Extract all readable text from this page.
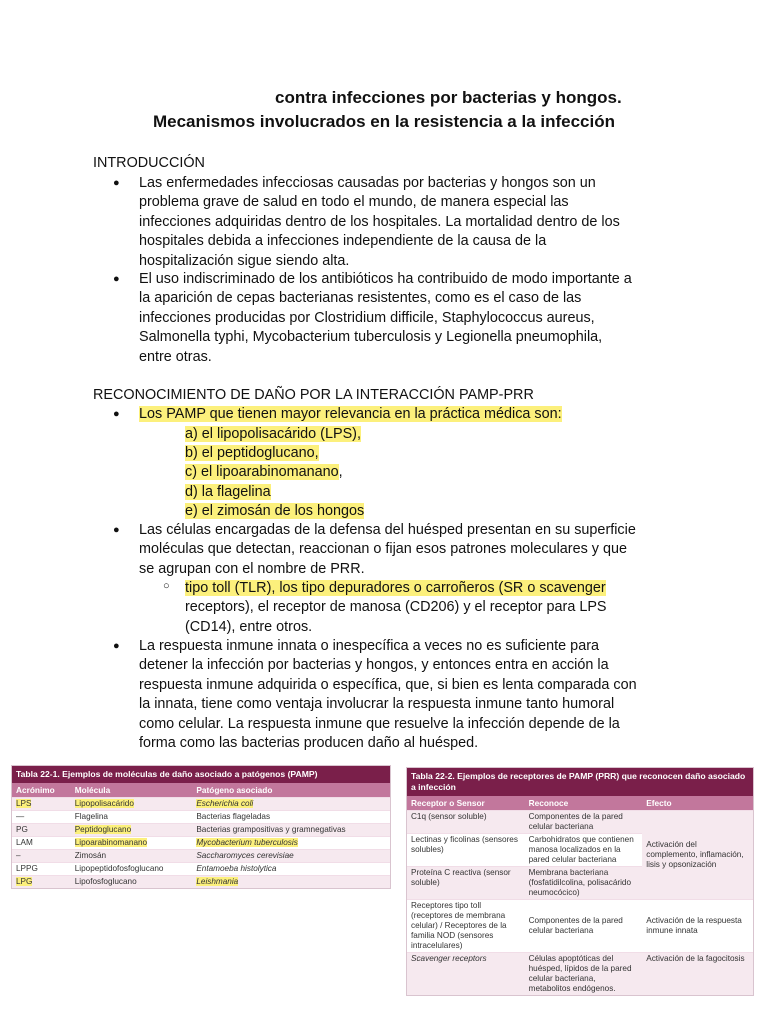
contra infecciones por bacterias y hongos.
Mecanismos involucrados en la resistencia a la infección
INTRODUCCIÓN
● Las enfermedades infecciosas causadas por bacterias y hongos son un
problema grave de salud en todo el mundo, de manera especial las
infecciones adquiridas dentro de los hospitales. La mortalidad dentro de los
hospitales debida a infecciones independiente de la causa de la
hospitalización sigue siendo alta.
● El uso indiscriminado de los antibióticos ha contribuido de modo importante a
la aparición de cepas bacterianas resistentes, como es el caso de las
infecciones producidas por Clostridium difficile, Staphylococcus aureus,
Salmonella typhi, Mycobacterium tuberculosis y Legionella pneumophila,
entre otras.
RECONOCIMIENTO DE DAÑO POR LA INTERACCIÓN PAMP-PRR
● Los PAMP que tienen mayor relevancia en la práctica médica son:
a) el lipopolisacárido (LPS),
b) el peptidoglucano,
c) el lipoarabinomanano,
d) la flagelina
e) el zimosán de los hongos
● Las células encargadas de la defensa del huésped presentan en su superficie
moléculas que detectan, reaccionan o fijan esos patrones moleculares y que
se agrupan con el nombre de PRR.
○ tipo toll (TLR), los tipo depuradores o carroñeros (SR o scavenger
receptors), el receptor de manosa (CD206) y el receptor para LPS
(CD14), entre otros.
● La respuesta inmune innata o inespecífica a veces no es suficiente para
detener la infección por bacterias y hongos, y entonces entra en acción la
respuesta inmune adquirida o específica, que, si bien es lenta comparada con
la innata, tiene como ventaja involucrar la respuesta inmune tanto humoral
como celular. La respuesta inmune que resuelve la infección depende de la
forma como las bacterias producen daño al huésped.
Tabla 22-1. Ejemplos de moléculas de daño asociado a patógenos (PAMP)
Acrónimo	Molécula	Patógeno asociado
LPS	Lipopolisacárido	Escherichia coli
—	Flagelina	Bacterias flageladas
PG	Peptidoglucano	Bacterias grampositivas y gramnegativas
LAM	Lipoarabinomanano	Mycobacterium tuberculosis
–	Zimosán	Saccharomyces cerevisiae
LPPG	Lipopeptidofosfoglucano	Entamoeba histolytica
LPG	Lipofosfoglucano	Leishmania
Tabla 22-2. Ejemplos de receptores de PAMP (PRR) que reconocen daño asociado a infección
Receptor o Sensor	Reconoce	Efecto
C1q (sensor soluble)	Componentes de la pared celular bacteriana	Activación del complemento, inflamación, lisis y opsonización
Lectinas y ficolinas (sensores solubles)	Carbohidratos que contienen manosa localizados en la pared celular bacteriana	
Proteína C reactiva (sensor soluble)	Membrana bacteriana (fosfatidilcolina, polisacárido neumocócico)	
Receptores tipo toll (receptores de membrana celular) / Receptores de la familia NOD (sensores intracelulares)	Componentes de la pared celular bacteriana	Activación de la respuesta inmune innata
Scavenger receptors	Células apoptóticas del huésped, lípidos de la pared celular bacteriana, metabolitos endógenos.	Activación de la fagocitosis
